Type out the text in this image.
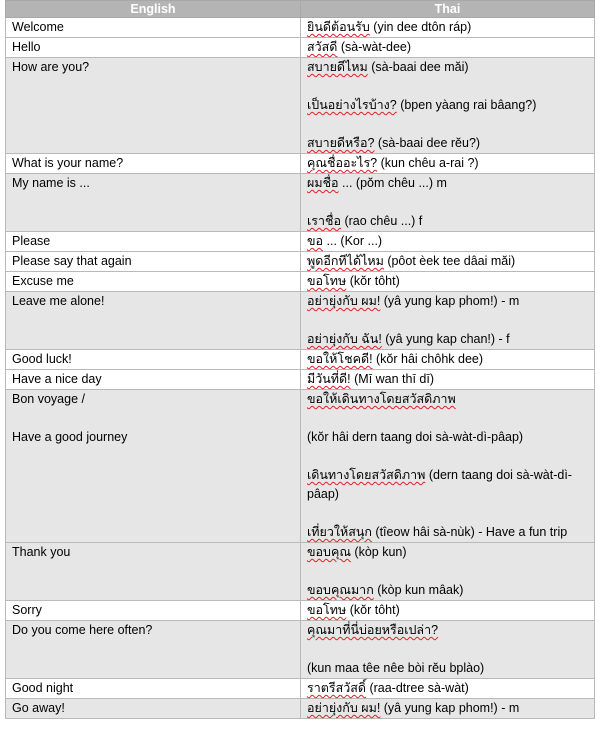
English	Thai

Welcome	ยินดีต้อนรับ (yin dee dtôn ráp)

Hello	สวัสดี (sà-wàt-dee)

How are you?	สบายดีไหม (sà-baai dee măi)
เป็นอย่างไรบ้าง? (bpen yàang rai bâang?)
สบายดีหรือ? (sà-baai dee rĕu?)

What is your name?	คุณชื่ออะไร? (kun chêu a-rai ?)

My name is ...	ผมชื่อ ... (pŏm chêu ...) m
เราชื่อ (rao chêu ...) f

Please	ขอ ... (Kor ...)

Please say that again	พูดอีกทีได้ไหม (pôot èek tee dâai măi)

Excuse me	ขอโทษ (kŏr tôht)

Leave me alone!	อย่ายุ่งกับ ผม! (yâ yung kap phom!) - m
อย่ายุ่งกับ ฉัน! (yâ yung kap chan!) - f

Good luck!	ขอให้โชคดี! (kŏr hâi chôhk dee)

Have a nice day	มีวันที่ดี! (Mī wan thī dī)

Bon voyage /
Have a good journey	ขอให้เดินทางโดยสวัสดิภาพ
(kŏr hâi dern taang doi sà-wàt-dì-pâap)
เดินทางโดยสวัสดิภาพ (dern taang doi sà-wàt-dì-pâap)
เที่ยวให้สนุก (tîeow hâi sà-nùk) - Have a fun trip

Thank you	ขอบคุณ (kòp kun)
ขอบคุณมาก (kòp kun mâak)

Sorry	ขอโทษ (kŏr tôht)

Do you come here often?	คุณมาที่นี่บ่อยหรือเปล่า?
(kun maa têe nêe bòi rĕu bplào)

Good night	ราตรีสวัสดิ์ (raa-dtree sà-wàt)

Go away!	อย่ายุ่งกับ ผม! (yâ yung kap phom!) - m
